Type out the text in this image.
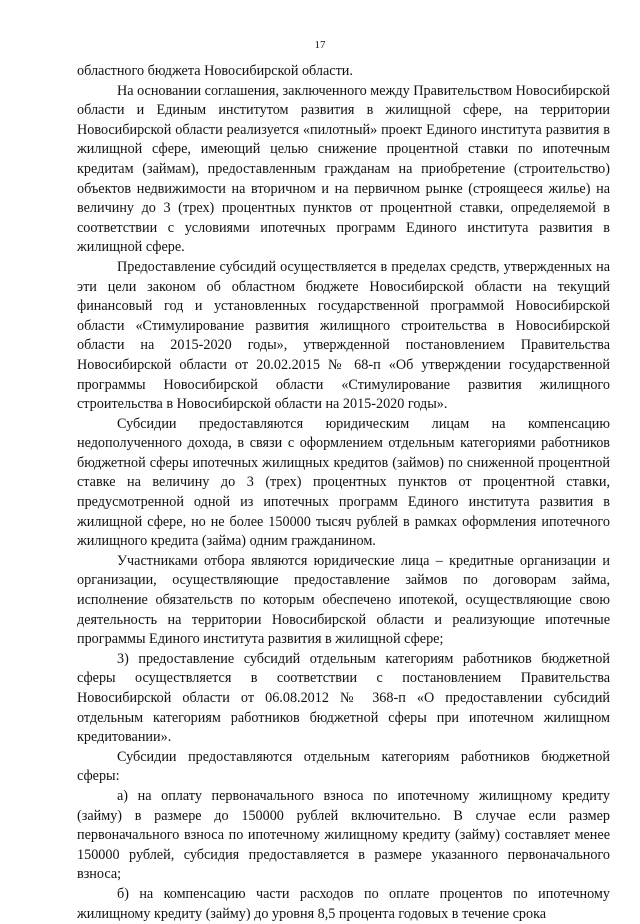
17

областного бюджета Новосибирской области.

На основании соглашения, заключенного между Правительством Новосибирской области и Единым институтом развития в жилищной сфере, на территории Новосибирской области реализуется «пилотный» проект Единого института развития в жилищной сфере, имеющий целью снижение процентной ставки по ипотечным кредитам (займам), предоставленным гражданам на приобретение (строительство) объектов недвижимости на вторичном и на первичном рынке (строящееся жилье) на величину до 3 (трех) процентных пунктов от процентной ставки, определяемой в соответствии с условиями ипотечных программ Единого института развития в жилищной сфере.

Предоставление субсидий осуществляется в пределах средств, утвержденных на эти цели законом об областном бюджете Новосибирской области на текущий финансовый год и установленных государственной программой Новосибирской области «Стимулирование развития жилищного строительства в Новосибирской области на 2015-2020 годы», утвержденной постановлением Правительства Новосибирской области от 20.02.2015 № 68-п «Об утверждении государственной программы Новосибирской области «Стимулирование развития жилищного строительства в Новосибирской области на 2015-2020 годы».

Субсидии предоставляются юридическим лицам на компенсацию недополученного дохода, в связи с оформлением отдельным категориями работников бюджетной сферы ипотечных жилищных кредитов (займов) по сниженной процентной ставке на величину до 3 (трех) процентных пунктов от процентной ставки, предусмотренной одной из ипотечных программ Единого института развития в жилищной сфере, но не более 150000 тысяч рублей в рамках оформления ипотечного жилищного кредита (займа) одним гражданином.

Участниками отбора являются юридические лица – кредитные организации и организации, осуществляющие предоставление займов по договорам займа, исполнение обязательств по которым обеспечено ипотекой, осуществляющие свою деятельность на территории Новосибирской области и реализующие ипотечные программы Единого института развития в жилищной сфере;

3) предоставление субсидий отдельным категориям работников бюджетной сферы осуществляется в соответствии с постановлением Правительства Новосибирской области от 06.08.2012 № 368-п «О предоставлении субсидий отдельным категориям работников бюджетной сферы при ипотечном жилищном кредитовании».

Субсидии предоставляются отдельным категориям работников бюджетной сферы:

а) на оплату первоначального взноса по ипотечному жилищному кредиту (займу) в размере до 150000 рублей включительно. В случае если размер первоначального взноса по ипотечному жилищному кредиту (займу) составляет менее 150000 рублей, субсидия предоставляется в размере указанного первоначального взноса;

б) на компенсацию части расходов по оплате процентов по ипотечному жилищному кредиту (займу) до уровня 8,5 процента годовых в течение срока
